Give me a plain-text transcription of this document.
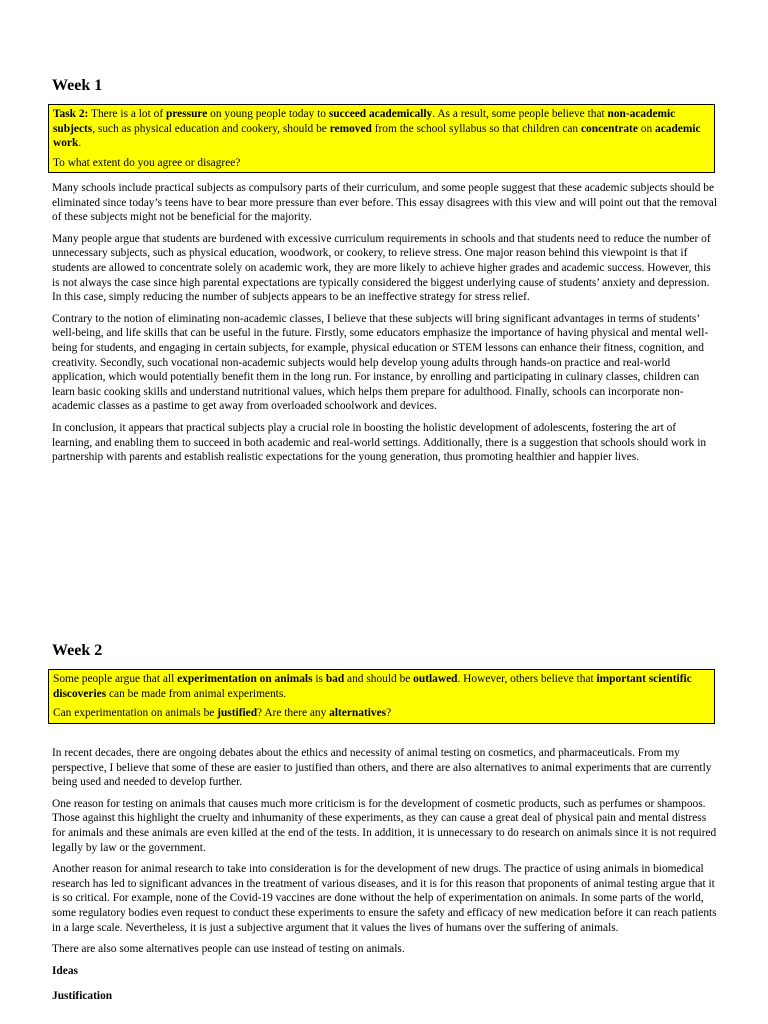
Week 1

Task 2: There is a lot of pressure on young people today to succeed academically. As a result, some people believe that non-academic subjects, such as physical education and cookery, should be removed from the school syllabus so that children can concentrate on academic work.

To what extent do you agree or disagree?

Many schools include practical subjects as compulsory parts of their curriculum, and some people suggest that these academic subjects should be eliminated since today’s teens have to bear more pressure than ever before. This essay disagrees with this view and will point out that the removal of these subjects might not be beneficial for the majority.

Many people argue that students are burdened with excessive curriculum requirements in schools and that students need to reduce the number of unnecessary subjects, such as physical education, woodwork, or cookery, to relieve stress. One major reason behind this viewpoint is that if students are allowed to concentrate solely on academic work, they are more likely to achieve higher grades and academic success. However, this is not always the case since high parental expectations are typically considered the biggest underlying cause of students’ anxiety and depression. In this case, simply reducing the number of subjects appears to be an ineffective strategy for stress relief.

Contrary to the notion of eliminating non-academic classes, I believe that these subjects will bring significant advantages in terms of students’ well-being, and life skills that can be useful in the future. Firstly, some educators emphasize the importance of having physical and mental well-being for students, and engaging in certain subjects, for example, physical education or STEM lessons can enhance their fitness, cognition, and creativity. Secondly, such vocational non-academic subjects would help develop young adults through hands-on practice and real-world application, which would potentially benefit them in the long run. For instance, by enrolling and participating in culinary classes, children can learn basic cooking skills and understand nutritional values, which helps them prepare for adulthood. Finally, schools can incorporate non-academic classes as a pastime to get away from overloaded schoolwork and devices.

In conclusion, it appears that practical subjects play a crucial role in boosting the holistic development of adolescents, fostering the art of learning, and enabling them to succeed in both academic and real-world settings. Additionally, there is a suggestion that schools should work in partnership with parents and establish realistic expectations for the young generation, thus promoting healthier and happier lives.

Week 2

Some people argue that all experimentation on animals is bad and should be outlawed. However, others believe that important scientific discoveries can be made from animal experiments.

Can experimentation on animals be justified? Are there any alternatives?

In recent decades, there are ongoing debates about the ethics and necessity of animal testing on cosmetics, and pharmaceuticals. From my perspective, I believe that some of these are easier to justified than others, and there are also alternatives to animal experiments that are currently being used and needed to develop further.

One reason for testing on animals that causes much more criticism is for the development of cosmetic products, such as perfumes or shampoos. Those against this highlight the cruelty and inhumanity of these experiments, as they can cause a great deal of physical pain and mental distress for animals and these animals are even killed at the end of the tests. In addition, it is unnecessary to do research on animals since it is not required legally by law or the government.

Another reason for animal research to take into consideration is for the development of new drugs. The practice of using animals in biomedical research has led to significant advances in the treatment of various diseases, and it is for this reason that proponents of animal testing argue that it is so critical. For example, none of the Covid-19 vaccines are done without the help of experimentation on animals. In some parts of the world, some regulatory bodies even request to conduct these experiments to ensure the safety and efficacy of new medication before it can reach patients in a large scale. Nevertheless, it is just a subjective argument that it values the lives of humans over the suffering of animals.

There are also some alternatives people can use instead of testing on animals.

Ideas

Justification
